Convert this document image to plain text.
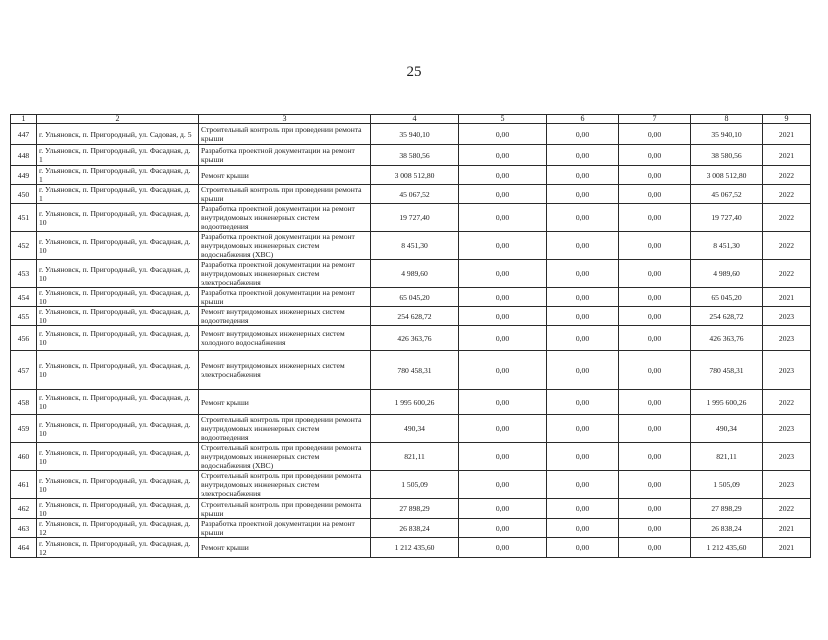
25
1	2	3	4	5	6	7	8	9
447	г. Ульяновск, п. Пригородный, ул. Садовая, д. 5	Строительный контроль при проведении ремонта крыши	35 940,10	0,00	0,00	0,00	35 940,10	2021
448	г. Ульяновск, п. Пригородный, ул. Фасадная, д. 1	Разработка проектной документации на ремонт крыши	38 580,56	0,00	0,00	0,00	38 580,56	2021
449	г. Ульяновск, п. Пригородный, ул. Фасадная, д. 1	Ремонт крыши	3 008 512,80	0,00	0,00	0,00	3 008 512,80	2022
450	г. Ульяновск, п. Пригородный, ул. Фасадная, д. 1	Строительный контроль при проведении ремонта крыши	45 067,52	0,00	0,00	0,00	45 067,52	2022
451	г. Ульяновск, п. Пригородный, ул. Фасадная, д. 10	Разработка проектной документации на ремонт внутридомовых инженерных систем водоотведения	19 727,40	0,00	0,00	0,00	19 727,40	2022
452	г. Ульяновск, п. Пригородный, ул. Фасадная, д. 10	Разработка проектной документации на ремонт внутридомовых инженерных систем водоснабжения (ХВС)	8 451,30	0,00	0,00	0,00	8 451,30	2022
453	г. Ульяновск, п. Пригородный, ул. Фасадная, д. 10	Разработка проектной документации на ремонт внутридомовых инженерных систем электроснабжения	4 989,60	0,00	0,00	0,00	4 989,60	2022
454	г. Ульяновск, п. Пригородный, ул. Фасадная, д. 10	Разработка проектной документации на ремонт крыши	65 045,20	0,00	0,00	0,00	65 045,20	2021
455	г. Ульяновск, п. Пригородный, ул. Фасадная, д. 10	Ремонт внутридомовых инженерных систем водоотведения	254 628,72	0,00	0,00	0,00	254 628,72	2023
456	г. Ульяновск, п. Пригородный, ул. Фасадная, д. 10	Ремонт внутридомовых инженерных систем холодного водоснабжения	426 363,76	0,00	0,00	0,00	426 363,76	2023
457	г. Ульяновск, п. Пригородный, ул. Фасадная, д. 10	Ремонт внутридомовых инженерных систем электроснабжения	780 458,31	0,00	0,00	0,00	780 458,31	2023
458	г. Ульяновск, п. Пригородный, ул. Фасадная, д. 10	Ремонт крыши	1 995 600,26	0,00	0,00	0,00	1 995 600,26	2022
459	г. Ульяновск, п. Пригородный, ул. Фасадная, д. 10	Строительный контроль при проведении ремонта внутридомовых инженерных систем водоотведения	490,34	0,00	0,00	0,00	490,34	2023
460	г. Ульяновск, п. Пригородный, ул. Фасадная, д. 10	Строительный контроль при проведении ремонта внутридомовых инженерных систем водоснабжения (ХВС)	821,11	0,00	0,00	0,00	821,11	2023
461	г. Ульяновск, п. Пригородный, ул. Фасадная, д. 10	Строительный контроль при проведении ремонта внутридомовых инженерных систем электроснабжения	1 505,09	0,00	0,00	0,00	1 505,09	2023
462	г. Ульяновск, п. Пригородный, ул. Фасадная, д. 10	Строительный контроль при проведении ремонта крыши	27 898,29	0,00	0,00	0,00	27 898,29	2022
463	г. Ульяновск, п. Пригородный, ул. Фасадная, д. 12	Разработка проектной документации на ремонт крыши	26 838,24	0,00	0,00	0,00	26 838,24	2021
464	г. Ульяновск, п. Пригородный, ул. Фасадная, д. 12	Ремонт крыши	1 212 435,60	0,00	0,00	0,00	1 212 435,60	2021
